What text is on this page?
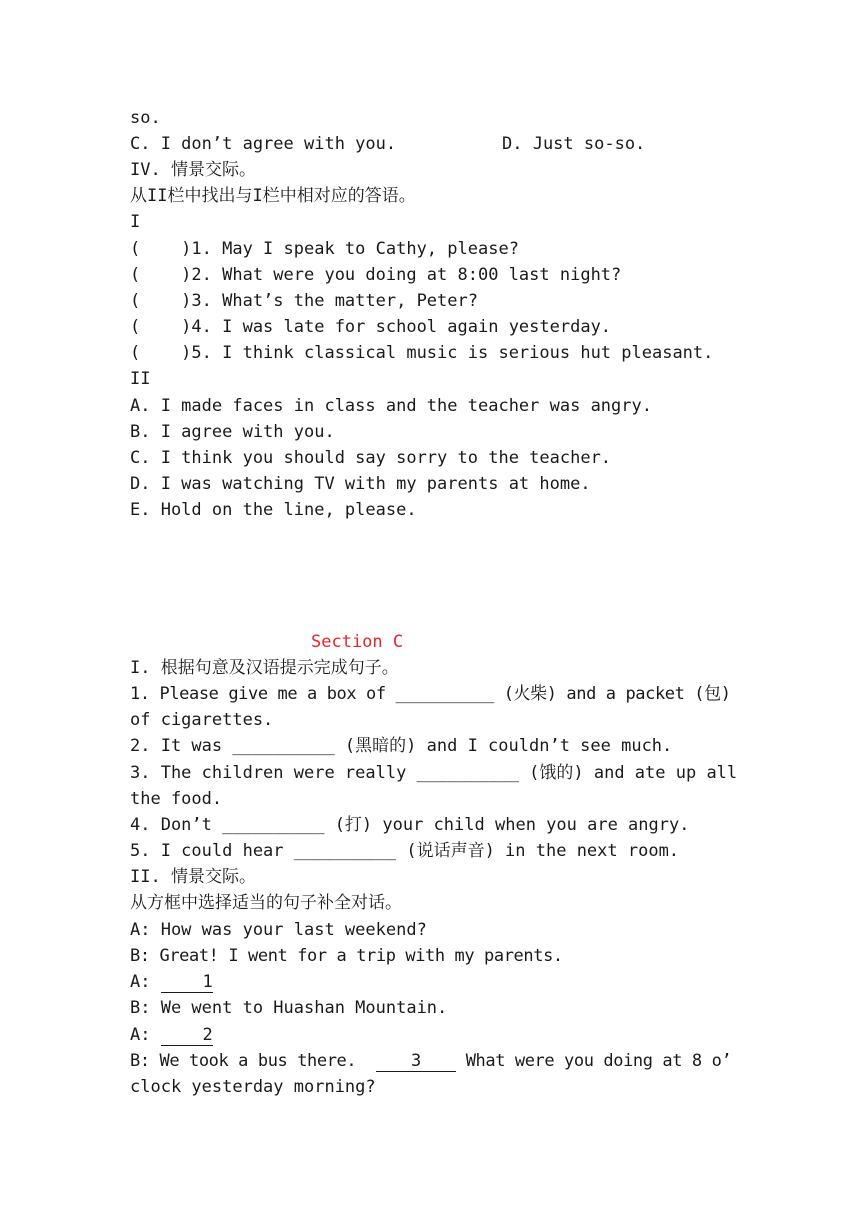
so.

C. I don’t agree with you.	D. Just so-so.

IV. 情景交际。

从II栏中找出与I栏中相对应的答语。

I

(    )1. May I speak to Cathy, please?

(    )2. What were you doing at 8:00 last night?

(    )3. What’s the matter, Peter?

(    )4. I was late for school again yesterday.

(    )5. I think classical music is serious hut pleasant.

II

A. I made faces in class and the teacher was angry.

B. I agree with you.

C. I think you should say sorry to the teacher.

D. I was watching TV with my parents at home.

E. Hold on the line, please.

Section C

I. 根据句意及汉语提示完成句子。

1. Please give me a box of __________ (火柴) and a packet (包)

of cigarettes.

2. It was __________ (黑暗的) and I couldn’t see much.

3. The children were really __________ (饿的) and ate up all

the food.

4. Don’t __________ (打) your child when you are angry.

5. I could hear __________ (说话声音) in the next room.

II. 情景交际。

从方框中选择适当的句子补全对话。

A: How was your last weekend?

B: Great! I went for a trip with my parents.

A: 1

B: We went to Huashan Mountain.

A: 2

B: We took a bus there.  3 What were you doing at 8 o’

clock yesterday morning?
